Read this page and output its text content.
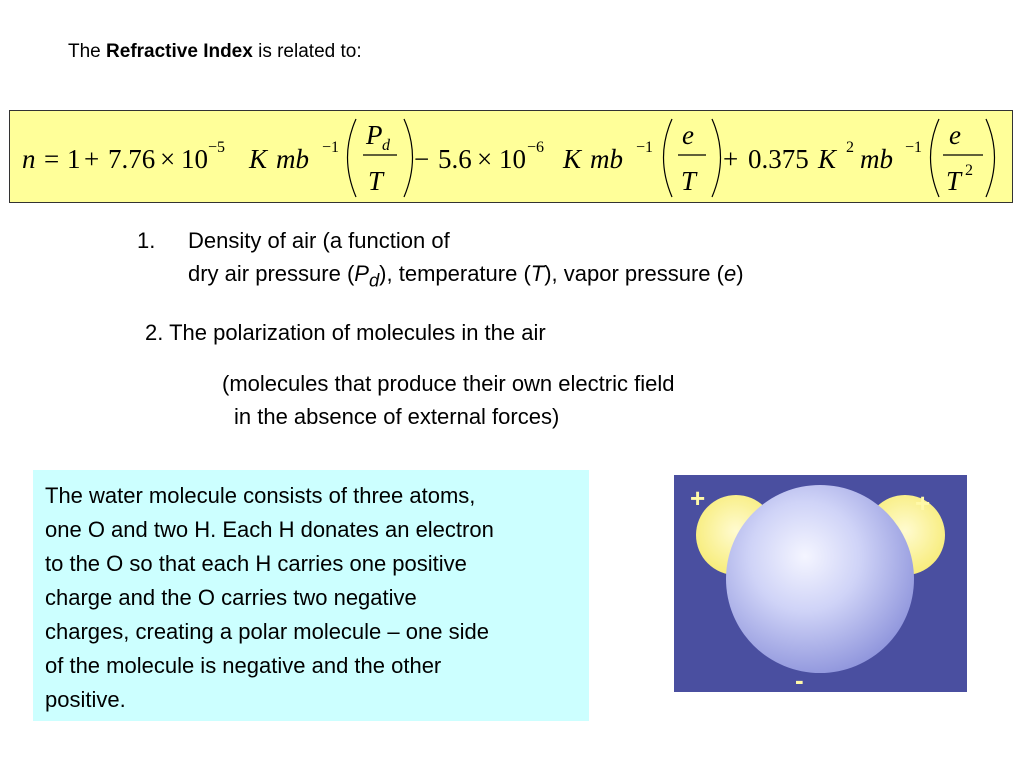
The Refractive Index is related to:
n = 1 + 7.76 × 10 −5 K mb −1 P d
T
− 5.6 × 10 −6 K mb −1 e
T
+ 0.375 K 2 mb −1 e
T 2
1. Density of air (a function of
dry air pressure $(P_d)$, temperature (T), vapor pressure (e)
2. The polarization of molecules in the air
(molecules that produce their own electric field
in the absence of external forces)
The water molecule consists of three atoms,
one O and two H. Each H donates an electron
to the O so that each H carries one positive
charge and the O carries two negative
charges, creating a polar molecule – one side
of the molecule is negative and the other
positive.
+	+
-
